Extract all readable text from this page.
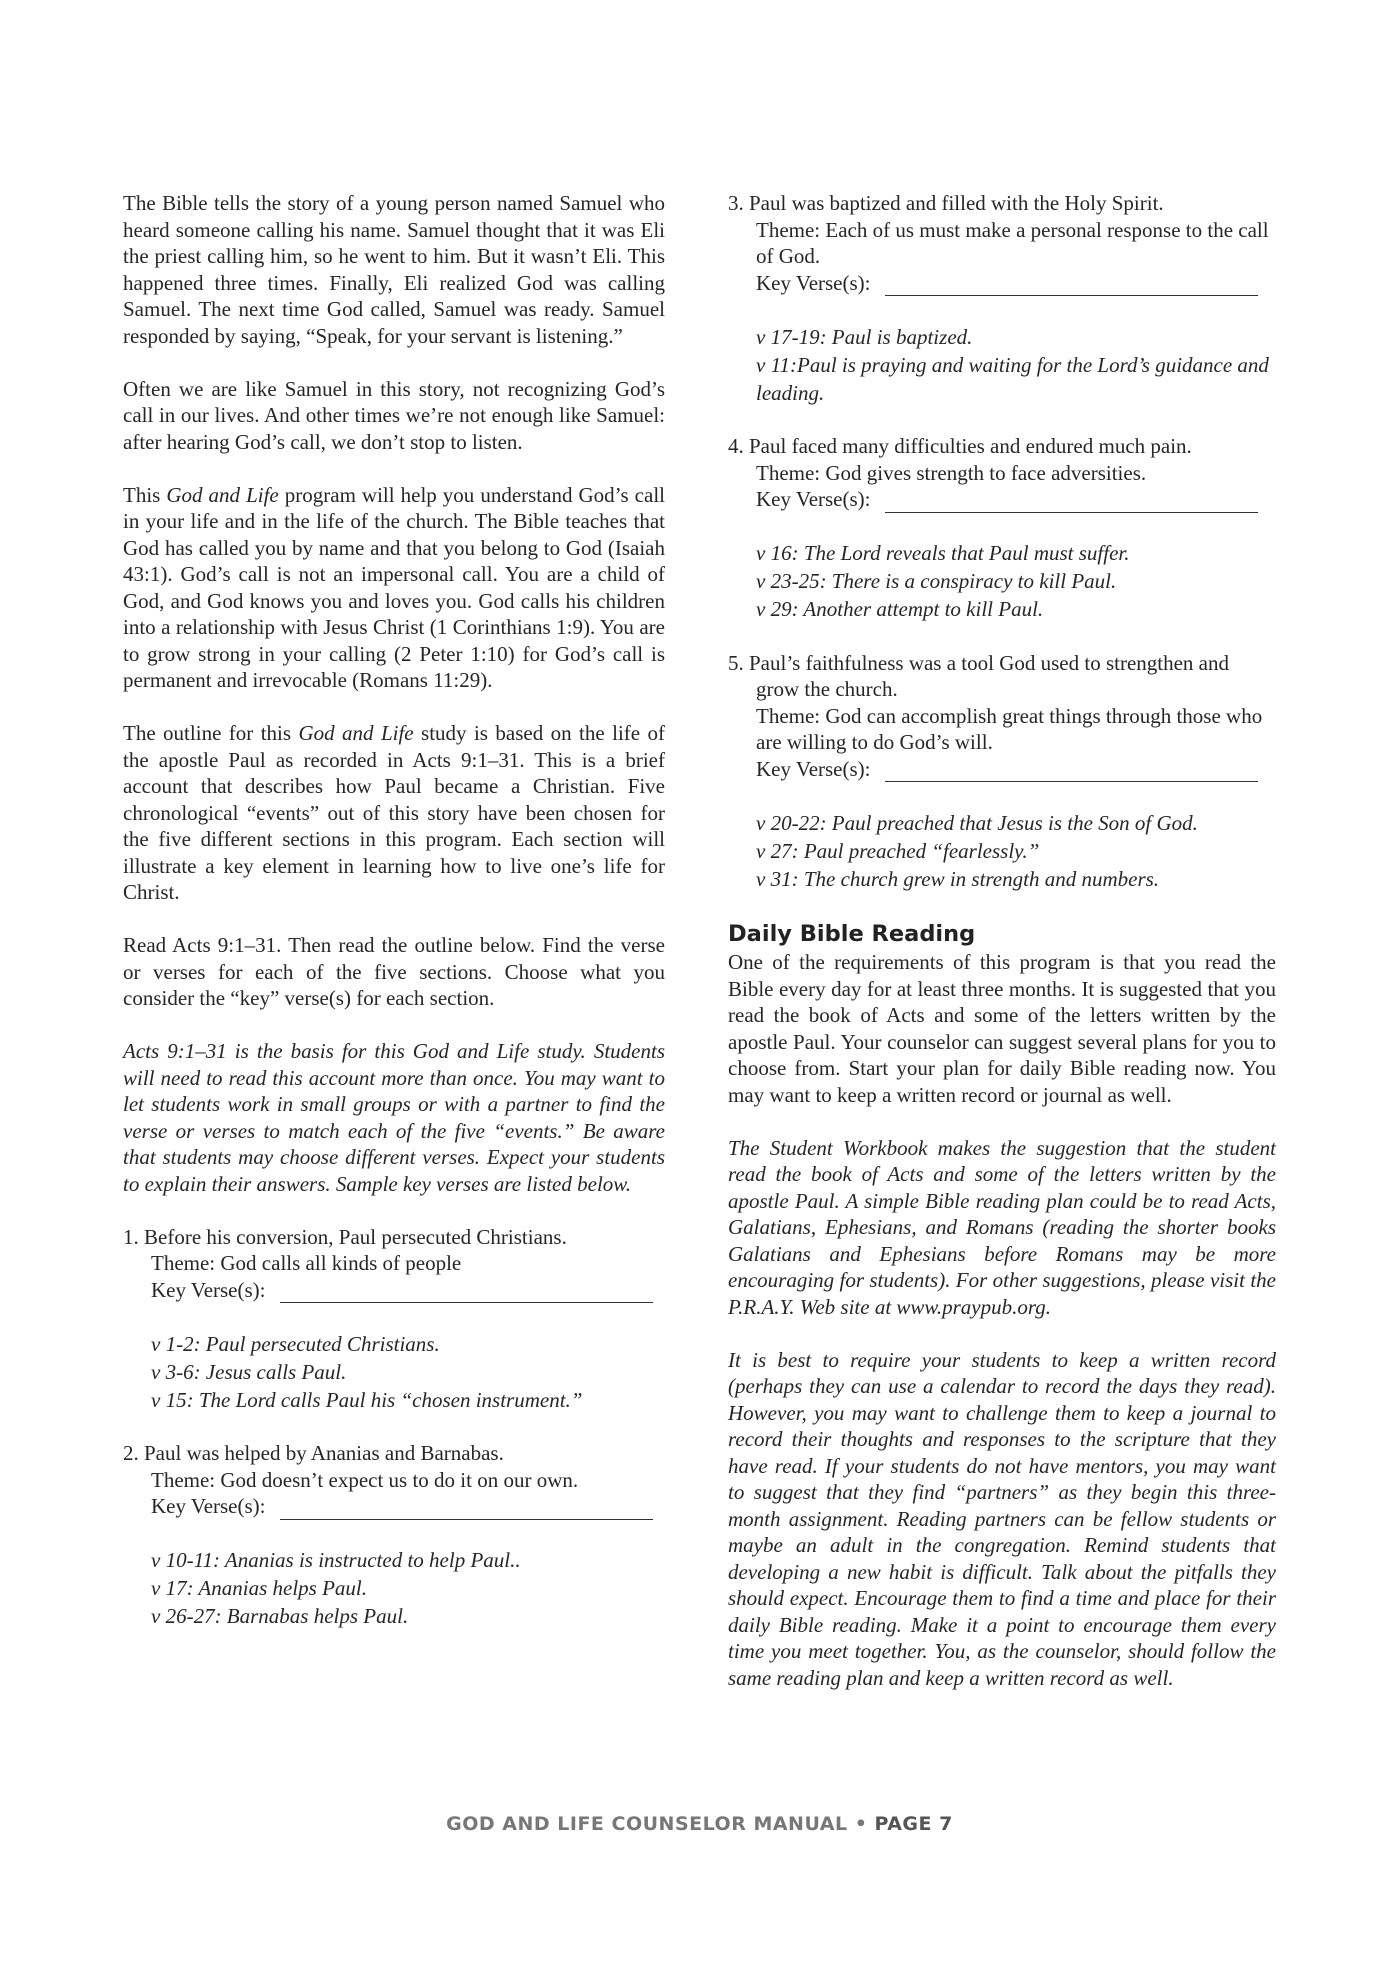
The Bible tells the story of a young person named Samuel who heard someone calling his name. Samuel thought that it was Eli the priest calling him, so he went to him. But it wasn’t Eli. This happened three times. Finally, Eli realized God was calling Samuel. The next time God called, Samuel was ready. Samuel responded by saying, “Speak, for your servant is listening.”

Often we are like Samuel in this story, not recognizing God’s call in our lives. And other times we’re not enough like Samuel: after hearing God’s call, we don’t stop to listen.

This God and Life program will help you understand God’s call in your life and in the life of the church. The Bible teaches that God has called you by name and that you belong to God (Isaiah 43:1). God’s call is not an impersonal call. You are a child of God, and God knows you and loves you. God calls his children into a relationship with Jesus Christ (1 Corinthians 1:9). You are to grow strong in your calling (2 Peter 1:10) for God’s call is permanent and irrevocable (Romans 11:29).

The outline for this God and Life study is based on the life of the apostle Paul as recorded in Acts 9:1–31. This is a brief account that describes how Paul became a Christian. Five chronological “events” out of this story have been chosen for the five different sections in this program. Each section will illustrate a key element in learning how to live one’s life for Christ.

Read Acts 9:1–31. Then read the outline below. Find the verse or verses for each of the five sections. Choose what you consider the “key” verse(s) for each section.

Acts 9:1–31 is the basis for this God and Life study. Students will need to read this account more than once. You may want to let students work in small groups or with a partner to find the verse or verses to match each of the five “events.” Be aware that students may choose different verses. Expect your students to explain their answers. Sample key verses are listed below.

1. Before his conversion, Paul persecuted Christians.
Theme: God calls all kinds of people
Key Verse(s):
v 1-2: Paul persecuted Christians.
v 3-6: Jesus calls Paul.
v 15: The Lord calls Paul his “chosen instrument.”
2. Paul was helped by Ananias and Barnabas.
Theme: God doesn’t expect us to do it on our own.
Key Verse(s):
v 10-11: Ananias is instructed to help Paul..
v 17: Ananias helps Paul.
v 26-27: Barnabas helps Paul.
3. Paul was baptized and filled with the Holy Spirit.
Theme: Each of us must make a personal response to the call of God.
Key Verse(s):
v 17-19: Paul is baptized.
v 11:Paul is praying and waiting for the Lord’s guidance and leading.
4. Paul faced many difficulties and endured much pain.
Theme: God gives strength to face adversities.
Key Verse(s):
v 16: The Lord reveals that Paul must suffer.
v 23-25: There is a conspiracy to kill Paul.
v 29: Another attempt to kill Paul.
5. Paul’s faithfulness was a tool God used to strengthen and grow the church.
Theme: God can accomplish great things through those who are willing to do God’s will.
Key Verse(s):
v 20-22: Paul preached that Jesus is the Son of God.
v 27: Paul preached “fearlessly.”
v 31: The church grew in strength and numbers.
Daily Bible Reading

One of the requirements of this program is that you read the Bible every day for at least three months. It is suggested that you read the book of Acts and some of the letters written by the apostle Paul. Your counselor can suggest several plans for you to choose from. Start your plan for daily Bible reading now. You may want to keep a written record or journal as well.

The Student Workbook makes the suggestion that the student read the book of Acts and some of the letters written by the apostle Paul. A simple Bible reading plan could be to read Acts, Galatians, Ephesians, and Romans (reading the shorter books Galatians and Ephesians before Romans may be more encouraging for students). For other suggestions, please visit the P.R.A.Y. Web site at www.praypub.org.

It is best to require your students to keep a written record (perhaps they can use a calendar to record the days they read). However, you may want to challenge them to keep a journal to record their thoughts and responses to the scripture that they have read. If your students do not have mentors, you may want to suggest that they find “partners” as they begin this three-month assignment. Reading partners can be fellow students or maybe an adult in the congregation. Remind students that developing a new habit is difficult. Talk about the pitfalls they should expect. Encourage them to find a time and place for their daily Bible reading. Make it a point to encourage them every time you meet together. You, as the counselor, should follow the same reading plan and keep a written record as well.

GOD AND LIFE COUNSELOR MANUAL • PAGE 7
